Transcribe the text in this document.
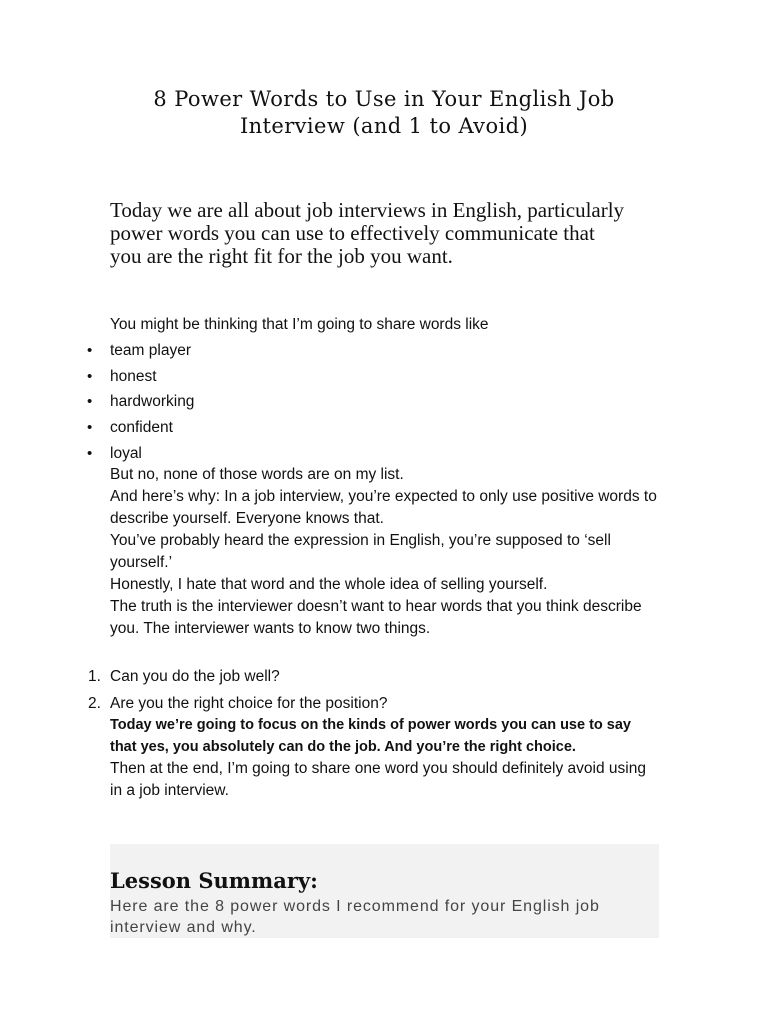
8 Power Words to Use in Your English Job Interview (and 1 to Avoid)
Today we are all about job interviews in English, particularly power words you can use to effectively communicate that you are the right fit for the job you want.
You might be thinking that I’m going to share words like
•	team player
•	honest
•	hardworking
•	confident
•	loyal

But no, none of those words are on my list.

And here’s why: In a job interview, you’re expected to only use positive words to describe yourself. Everyone knows that.

You’ve probably heard the expression in English, you’re supposed to ‘sell yourself.’

Honestly, I hate that word and the whole idea of selling yourself.

The truth is the interviewer doesn’t want to hear words that you think describe you. The interviewer wants to know two things.

1. Can you do the job well?
2. Are you the right choice for the position?

Today we’re going to focus on the kinds of power words you can use to say that yes, you absolutely can do the job. And you’re the right choice.

Then at the end, I’m going to share one word you should definitely avoid using in a job interview.

Lesson Summary:
Here are the 8 power words I recommend for your English job interview and why.
